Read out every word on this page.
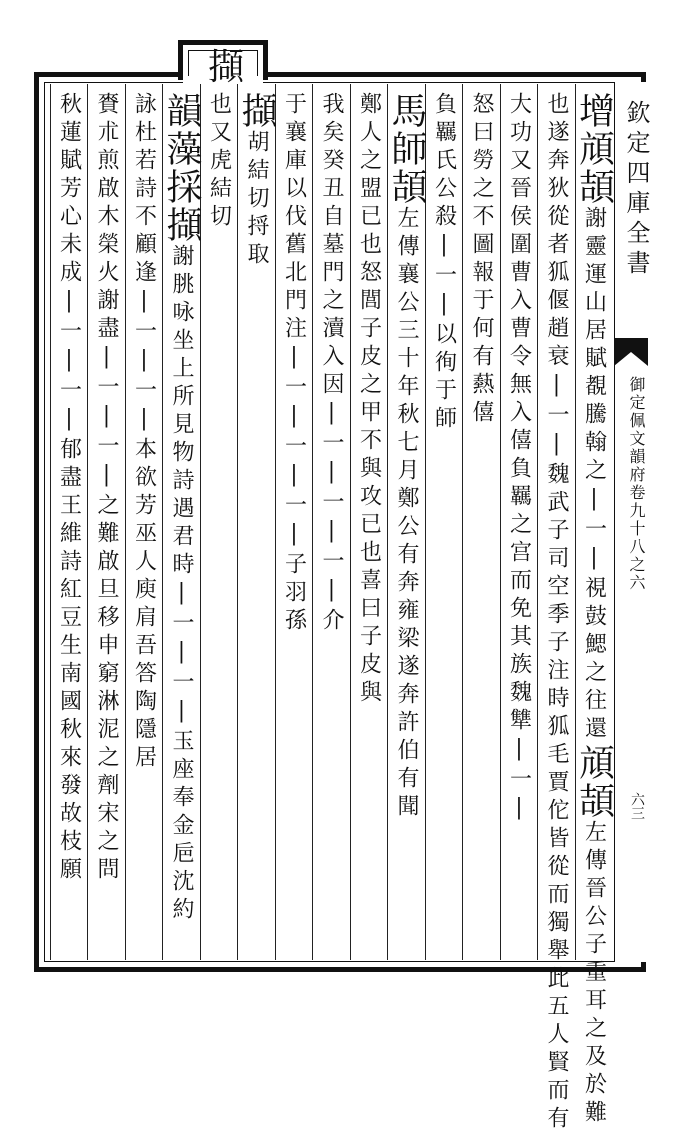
擷
欽定四庫全書
御定佩文韻府卷九十八之六
六三
增頏頡謝靈運山居賦覩騰翰之|一|視鼓鰓之往還頏頡左傳晉公子重耳之及於難
也遂奔狄從者狐偃趙衰|一|魏武子司空季子注時狐毛賈佗皆從而獨舉此五人賢而有
大功又晉侯圍曹入曹令無入僖負羈之宫而免其族魏犨|一|
怒曰勞之不圖報于何有爇僖
負羈氏公殺|一|以徇于師
馬師頡左傳襄公三十年秋七月鄭公有奔雍梁遂奔許伯有聞
鄭人之盟已也怒閭子皮之甲不與攻已也喜曰子皮與
我矣癸丑自墓門之瀆入因|一|一|一|介
于襄庫以伐舊北門注|一|一|一|子羽孫
擷胡結切捋取
也又虎結切
韻藻採擷謝朓咏坐上所見物詩遇君時|一|一|玉座奉金巵沈約
詠杜若詩不顧逢|一|一|本欲芳巫人庾肩吾答陶隱居
賚朮煎啟木榮火謝盡|一|一|之難啟旦移申窮淋泥之劑宋之問
秋蓮賦芳心未成|一|一|郁盡王維詩紅豆生南國秋來發故枝願
